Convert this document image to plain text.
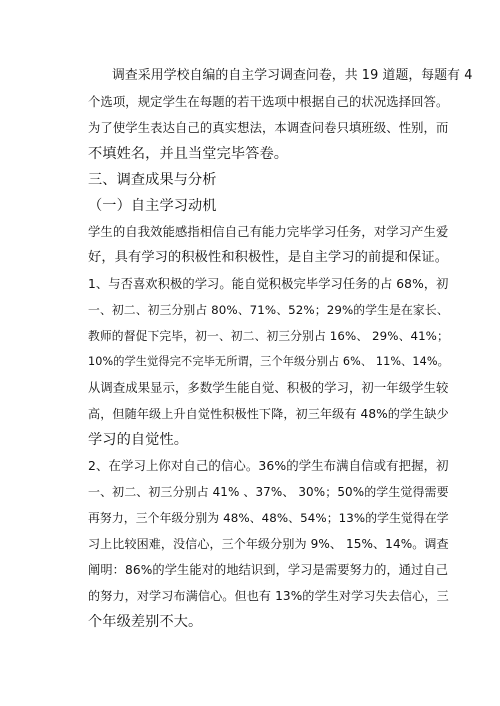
调查采用学校自编的自主学习调查问卷，共 19 道题，每题有 4
个选项，规定学生在每题的若干选项中根据自己的状况选择回答。
为了使学生表达自己的真实想法，本调查问卷只填班级、性别，而
不填姓名，并且当堂完毕答卷。
三、调查成果与分析
（一）自主学习动机
学生的自我效能感指相信自己有能力完毕学习任务，对学习产生爱
好，具有学习的积极性和积极性，是自主学习的前提和保证。
1、与否喜欢积极的学习。能自觉积极完毕学习任务的占 68%，初
一、初二、初三分别占 80%、71%、52%；29%的学生是在家长、
教师的督促下完毕，初一、初二、初三分别占 16%、 29%、41%；
10%的学生觉得完不完毕无所谓，三个年级分别占 6%、 11%、14%。
从调查成果显示，多数学生能自觉、积极的学习，初一年级学生较
高，但随年级上升自觉性积极性下降，初三年级有 48%的学生缺少
学习的自觉性。
2、在学习上你对自己的信心。36%的学生布满自信或有把握，初
一、初二、初三分别占 41% 、37%、 30%；50%的学生觉得需要
再努力，三个年级分别为 48%、48%、54%；13%的学生觉得在学
习上比较困难，没信心，三个年级分别为 9%、 15%、14%。调查
阐明：86%的学生能对的地结识到，学习是需要努力的，通过自己
的努力，对学习布满信心。但也有 13%的学生对学习失去信心，三
个年级差别不大。
